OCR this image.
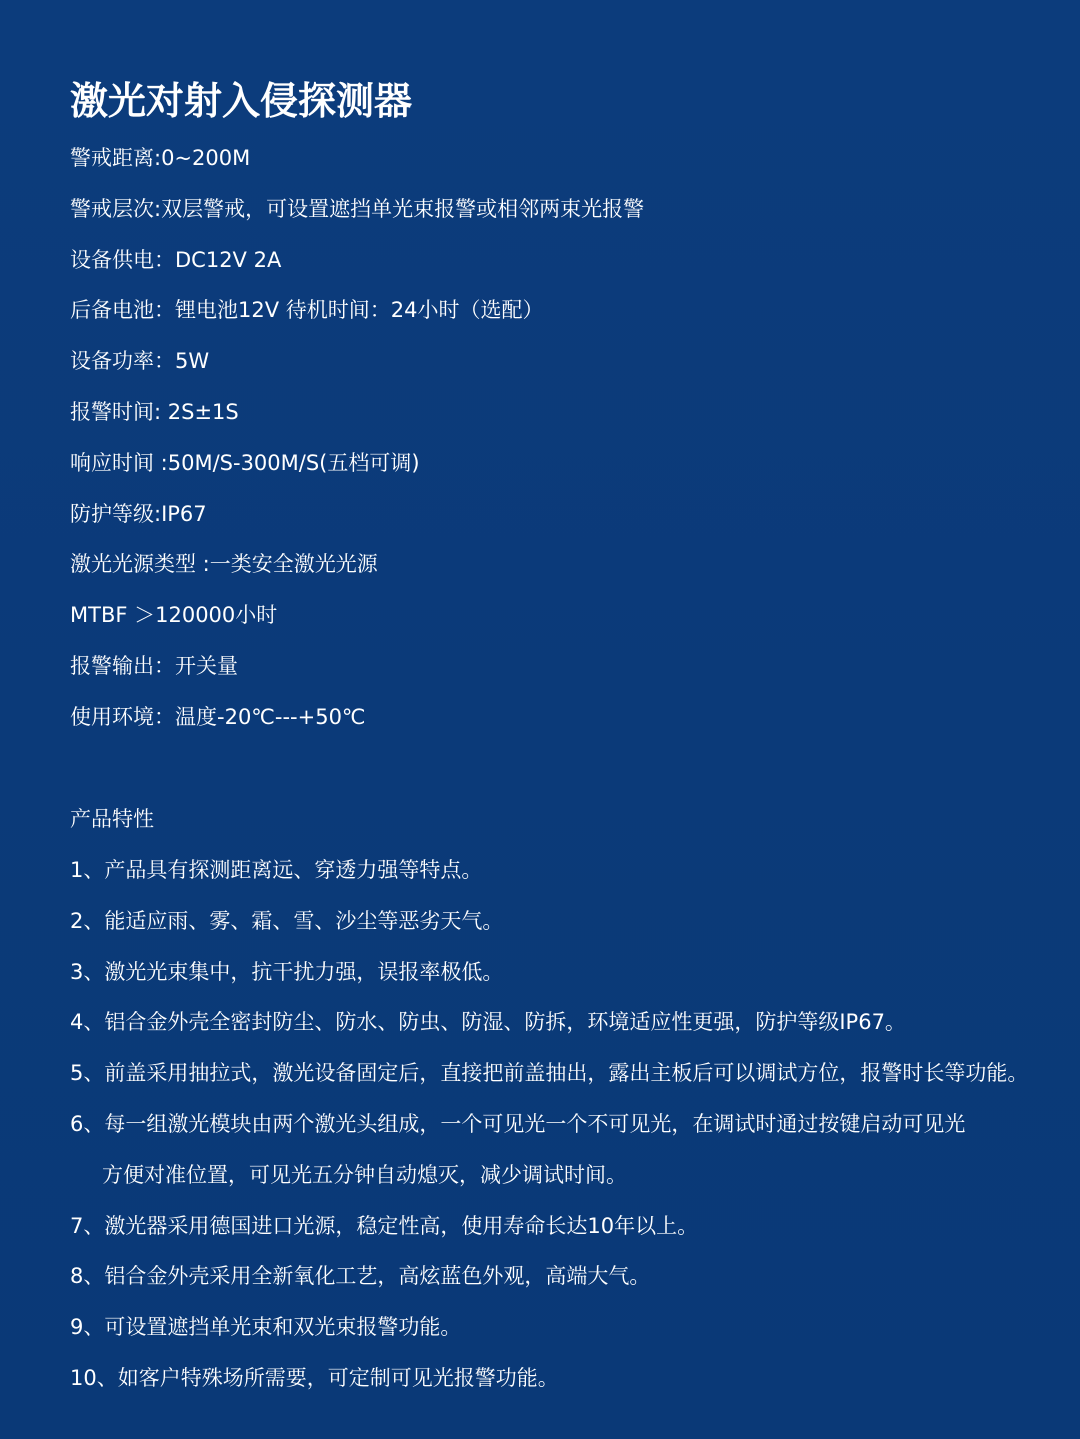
激光对射入侵探测器
警戒距离:0~200M
警戒层次:双层警戒，可设置遮挡单光束报警或相邻两束光报警
设备供电：DC12V 2A
后备电池：锂电池12V 待机时间：24小时（选配）
设备功率：5W
报警时间: 2S±1S
响应时间 :50M/S-300M/S(五档可调)
防护等级:IP67
激光光源类型 :一类安全激光光源
MTBF ＞120000小时
报警输出：开关量
使用环境：温度-20℃---+50℃
产品特性
1、产品具有探测距离远、穿透力强等特点。
2、能适应雨、雾、霜、雪、沙尘等恶劣天气。
3、激光光束集中，抗干扰力强，误报率极低。
4、铝合金外壳全密封防尘、防水、防虫、防湿、防拆，环境适应性更强，防护等级IP67。
5、前盖采用抽拉式，激光设备固定后，直接把前盖抽出，露出主板后可以调试方位，报警时长等功能。
6、每一组激光模块由两个激光头组成，一个可见光一个不可见光，在调试时通过按键启动可见光
方便对准位置，可见光五分钟自动熄灭，减少调试时间。
7、激光器采用德国进口光源，稳定性高，使用寿命长达10年以上。
8、铝合金外壳采用全新氧化工艺，高炫蓝色外观，高端大气。
9、可设置遮挡单光束和双光束报警功能。
10、如客户特殊场所需要，可定制可见光报警功能。
